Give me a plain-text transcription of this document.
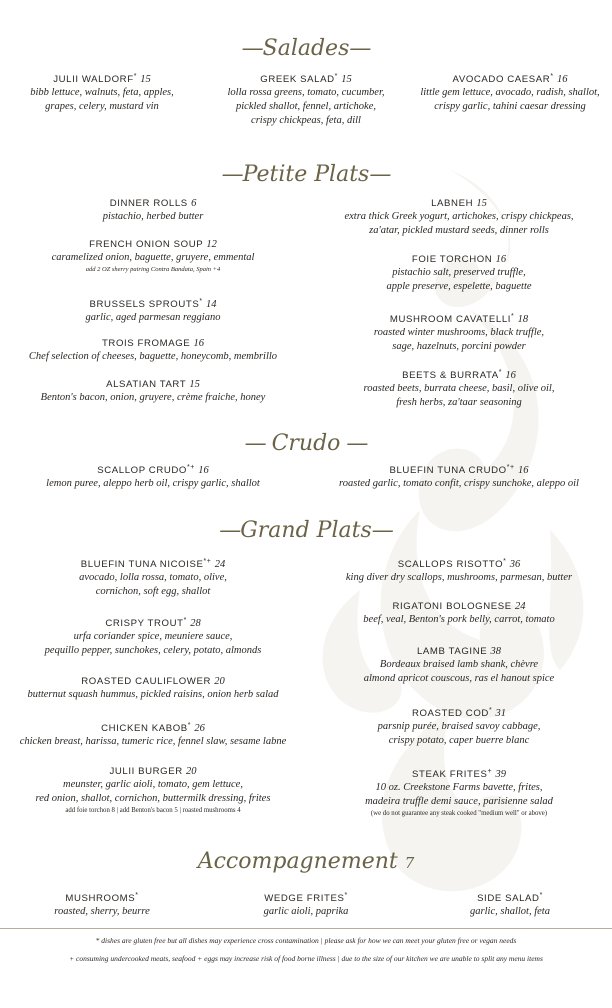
—Salades—
JULII WALDORF* 15
bibb lettuce, walnuts, feta, apples,
grapes, celery, mustard vin
GREEK SALAD* 15
lolla rossa greens, tomato, cucumber,
pickled shallot, fennel, artichoke,
crispy chickpeas, feta, dill
AVOCADO CAESAR* 16
little gem lettuce, avocado, radish, shallot,
crispy garlic, tahini caesar dressing
—Petite Plats—
DINNER ROLLS 6
pistachio, herbed butter
FRENCH ONION SOUP 12
caramelized onion, baguette, gruyere, emmental
add 2 OZ sherry pairing Contra Bandata, Spain +4
BRUSSELS SPROUTS* 14
garlic, aged parmesan reggiano
TROIS FROMAGE 16
Chef selection of cheeses, baguette, honeycomb, membrillo
ALSATIAN TART 15
Benton's bacon, onion, gruyere, crème fraiche, honey
LABNEH 15
extra thick Greek yogurt, artichokes, crispy chickpeas,
za'atar, pickled mustard seeds, dinner rolls
FOIE TORCHON 16
pistachio salt, preserved truffle,
apple preserve, espelette, baguette
MUSHROOM CAVATELLI* 18
roasted winter mushrooms, black truffle,
sage, hazelnuts, porcini powder
BEETS & BURRATA* 16
roasted beets, burrata cheese, basil, olive oil,
fresh herbs, za'taar seasoning
— Crudo —
SCALLOP CRUDO*+ 16
lemon puree, aleppo herb oil, crispy garlic, shallot
BLUEFIN TUNA CRUDO*+ 16
roasted garlic, tomato confit, crispy sunchoke, aleppo oil
—Grand Plats—
BLUEFIN TUNA NICOISE*+ 24
avocado, lolla rossa, tomato, olive,
cornichon, soft egg, shallot
CRISPY TROUT* 28
urfa coriander spice, meuniere sauce,
pequillo pepper, sunchokes, celery, potato, almonds
ROASTED CAULIFLOWER 20
butternut squash hummus, pickled raisins, onion herb salad
CHICKEN KABOB* 26
chicken breast, harissa, tumeric rice, fennel slaw, sesame labne
JULII BURGER 20
meunster, garlic aioli, tomato, gem lettuce,
red onion, shallot, cornichon, buttermilk dressing, frites
add foie torchon 8 | add Benton's bacon 5 | roasted mushrooms 4
SCALLOPS RISOTTO* 36
king diver dry scallops, mushrooms, parmesan, butter
RIGATONI BOLOGNESE 24
beef, veal, Benton's pork belly, carrot, tomato
LAMB TAGINE 38
Bordeaux braised lamb shank, chèvre
almond apricot couscous, ras el hanout spice
ROASTED COD* 31
parsnip purée, braised savoy cabbage,
crispy potato, caper buerre blanc
STEAK FRITES+ 39
10 oz. Creekstone Farms bavette, frites,
madeira truffle demi sauce, parisienne salad
(we do not guarantee any steak cooked "medium well" or above)
Accompagnement 7
MUSHROOMS*
roasted, sherry, beurre
WEDGE FRITES*
garlic aioli, paprika
SIDE SALAD*
garlic, shallot, feta
* dishes are gluten free but all dishes may experience cross contamination | please ask for how we can meet your gluten free or vegan needs
+ consuming undercooked meats, seafood + eggs may increase risk of food borne illness | due to the size of our kitchen we are unable to split any menu items
